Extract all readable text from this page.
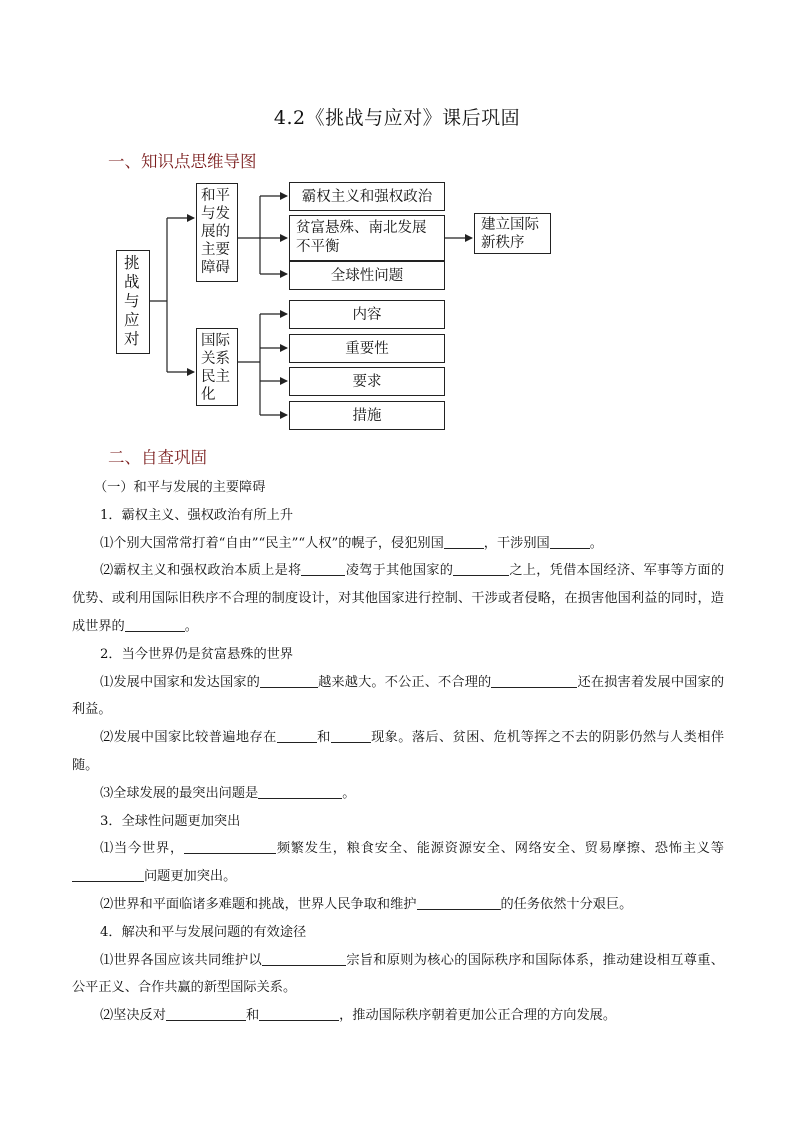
4.2《挑战与应对》课后巩固
一、知识点思维导图
挑战与应对
和平与发展的主要障碍
国际关系民主化
霸权主义和强权政治
贫富悬殊、南北发展不平衡
全球性问题
建立国际新秩序
内容
重要性
要求
措施
二、自查巩固

（一）和平与发展的主要障碍

1．霸权主义、强权政治有所上升

⑴个别大国常常打着“自由”“民主”“人权”的幌子，侵犯别国	，干涉别国	。

⑵霸权主义和强权政治本质上是将	凌驾于其他国家的	之上，凭借本国经济、军事等方面的优势、或利用国际旧秩序不合理的制度设计，对其他国家进行控制、干涉或者侵略，在损害他国利益的同时，造成世界的	。

2．当今世界仍是贫富悬殊的世界

⑴发展中国家和发达国家的	越来越大。不公正、不合理的	还在损害着发展中国家的利益。

⑵发展中国家比较普遍地存在	和	现象。落后、贫困、危机等挥之不去的阴影仍然与人类相伴随。

⑶全球发展的最突出问题是	。

3．全球性问题更加突出

⑴当今世界，	频繁发生，粮食安全、能源资源安全、网络安全、贸易摩擦、恐怖主义等问题更加突出。

⑵世界和平面临诸多难题和挑战，世界人民争取和维护	的任务依然十分艰巨。

4．解决和平与发展问题的有效途径

⑴世界各国应该共同维护以	宗旨和原则为核心的国际秩序和国际体系，推动建设相互尊重、公平正义、合作共赢的新型国际关系。

⑵坚决反对	和	，推动国际秩序朝着更加公正合理的方向发展。
